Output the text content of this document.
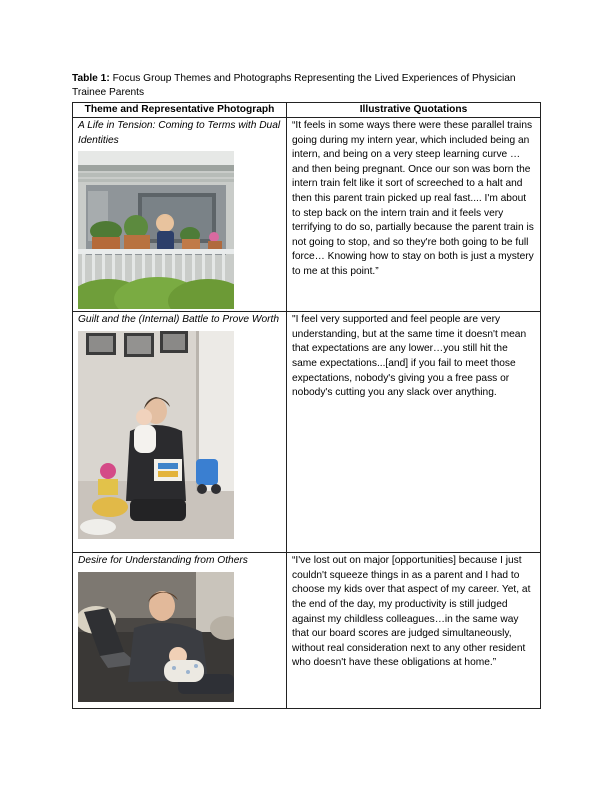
Table 1: Focus Group Themes and Photographs Representing the Lived Experiences of Physician Trainee Parents
Theme and Representative Photograph	Illustrative Quotations

A Life in Tension: Coming to Terms with Dual Identities	“It feels in some ways there were these parallel trains going during my intern year, which included being an intern, and being on a very steep learning curve … and then being pregnant. Once our son was born the intern train felt like it sort of screeched to a halt and then this parent train picked up real fast.... I'm about to step back on the intern train and it feels very terrifying to do so, partially because the parent train is not going to stop, and so they're both going to be full force… Knowing how to stay on both is just a mystery to me at this point.”

Guilt and the (Internal) Battle to Prove Worth	"I feel very supported and feel people are very understanding, but at the same time it doesn't mean that expectations are any lower…you still hit the same expectations...[and] if you fail to meet those expectations, nobody's giving you a free pass or nobody's cutting you any slack over anything.

Desire for Understanding from Others	“I've lost out on major [opportunities] because I just couldn't squeeze things in as a parent and I had to choose my kids over that aspect of my career. Yet, at the end of the day, my productivity is still judged against my childless colleagues…in the same way that our board scores are judged simultaneously, without real consideration next to any other resident who doesn't have these obligations at home.”
